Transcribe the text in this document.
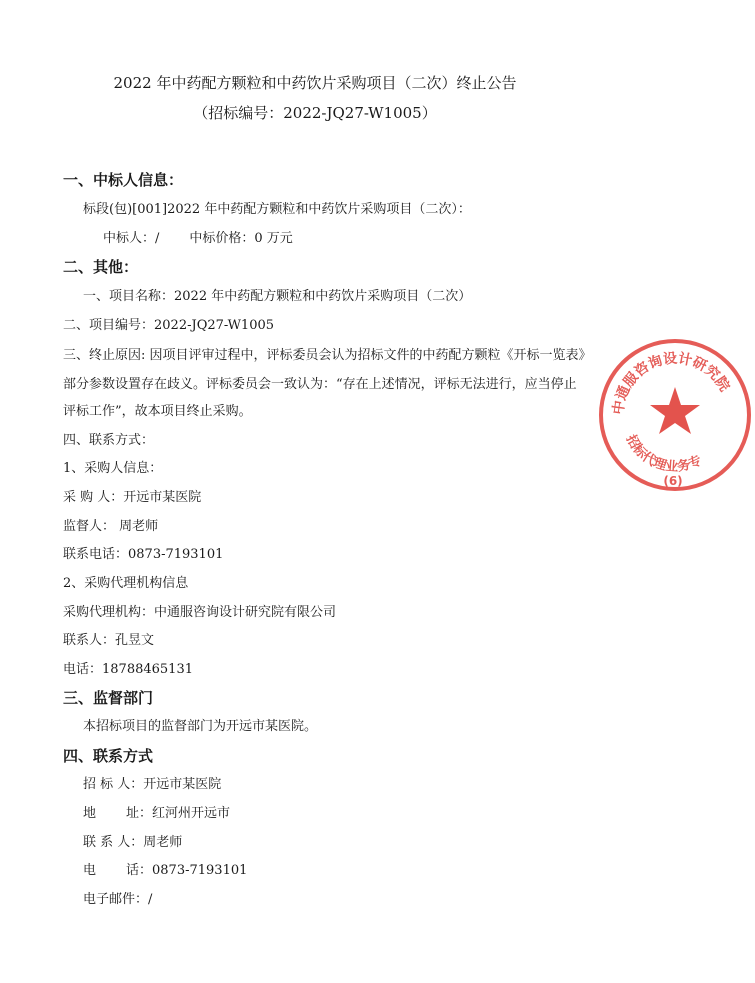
2022 年中药配方颗粒和中药饮片采购项目（二次）终止公告
（招标编号：2022-JQ27-W1005）
一、中标人信息：
标段(包)[001]2022 年中药配方颗粒和中药饮片采购项目（二次）：
中标人：/ 中标价格：0 万元
二、其他：
一、项目名称：2022 年中药配方颗粒和中药饮片采购项目（二次）
二、项目编号：2022-JQ27-W1005
三、终止原因: 因项目评审过程中，评标委员会认为招标文件的中药配方颗粒《开标一览表》
部分参数设置存在歧义。评标委员会一致认为：“存在上述情况，评标无法进行，应当停止
评标工作”，故本项目终止采购。
四、联系方式：
1、采购人信息：
采 购 人：开远市某医院
监督人： 周老师
联系电话：0873-7193101
2、采购代理机构信息
采购代理机构：中通服咨询设计研究院有限公司
联系人：孔昱文
电话：18788465131
三、监督部门
本招标项目的监督部门为开远市某医院。
四、联系方式
招 标 人：开远市某医院
地 址：红河州开远市
联 系 人：周老师
电 话：0873-7193101
电子邮件：/
中通服咨询设计研究院
招标代理业务专
(6)
